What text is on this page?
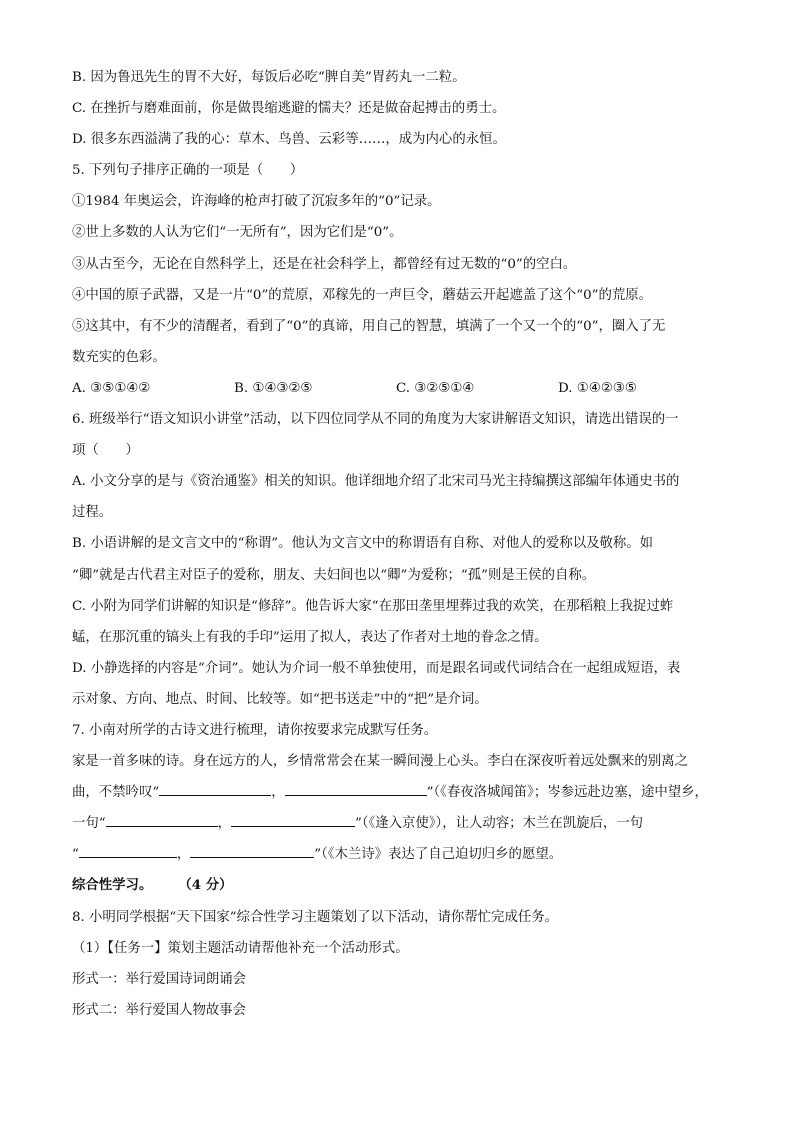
B. 因为鲁迅先生的胃不大好，每饭后必吃“脾自美”胃药丸一二粒。
C. 在挫折与磨难面前，你是做畏缩逃避的懦夫？还是做奋起搏击的勇士。
D. 很多东西溢满了我的心：草木、鸟兽、云彩等……，成为内心的永恒。
5. 下列句子排序正确的一项是（　　）
①1984 年奥运会，许海峰的枪声打破了沉寂多年的“0”记录。
②世上多数的人认为它们“一无所有”，因为它们是“0”。
③从古至今，无论在自然科学上，还是在社会科学上，都曾经有过无数的“0”的空白。
④中国的原子武器，又是一片“0”的荒原，邓稼先的一声巨令，蘑菇云开起遮盖了这个“0”的荒原。
⑤这其中，有不少的清醒者，看到了“0”的真谛，用自己的智慧，填满了一个又一个的“0”，圈入了无
数充实的色彩。
A. ③⑤①④②	B. ①④③②⑤	C. ③②⑤①④	D. ①④②③⑤
6. 班级举行“语文知识小讲堂”活动，以下四位同学从不同的角度为大家讲解语文知识，请选出错误的一
项（　　）
A. 小文分享的是与《资治通鉴》相关的知识。他详细地介绍了北宋司马光主持编撰这部编年体通史书的
过程。
B. 小语讲解的是文言文中的“称谓”。他认为文言文中的称谓语有自称、对他人的爱称以及敬称。如
“卿”就是古代君主对臣子的爱称，朋友、夫妇间也以“卿”为爱称；“孤”则是王侯的自称。
C. 小附为同学们讲解的知识是“修辞”。他告诉大家“在那田垄里埋葬过我的欢笑，在那稻粮上我捉过蚱
蜢，在那沉重的镐头上有我的手印”运用了拟人，表达了作者对土地的眷念之情。
D. 小静选择的内容是“介词”。她认为介词一般不单独使用，而是跟名词或代词结合在一起组成短语，表
示对象、方向、地点、时间、比较等。如“把书送走”中的“把”是介词。
7. 小南对所学的古诗文进行梳理，请你按要求完成默写任务。
家是一首多味的诗。身在远方的人，乡情常常会在某一瞬间漫上心头。李白在深夜听着远处飘来的别离之
曲，不禁吟叹“	，	”（《春夜洛城闻笛》；岑参远赴边塞，途中望乡，
一句“	，	”（《逢入京使》），让人动容；木兰在凯旋后，一句
“	，	”（《木兰诗》表达了自己迫切归乡的愿望。
综合性学习。 （4 分）
8. 小明同学根据“天下国家”综合性学习主题策划了以下活动，请你帮忙完成任务。
（1）【任务一】策划主题活动请帮他补充一个活动形式。
形式一：举行爱国诗词朗诵会
形式二：举行爱国人物故事会
